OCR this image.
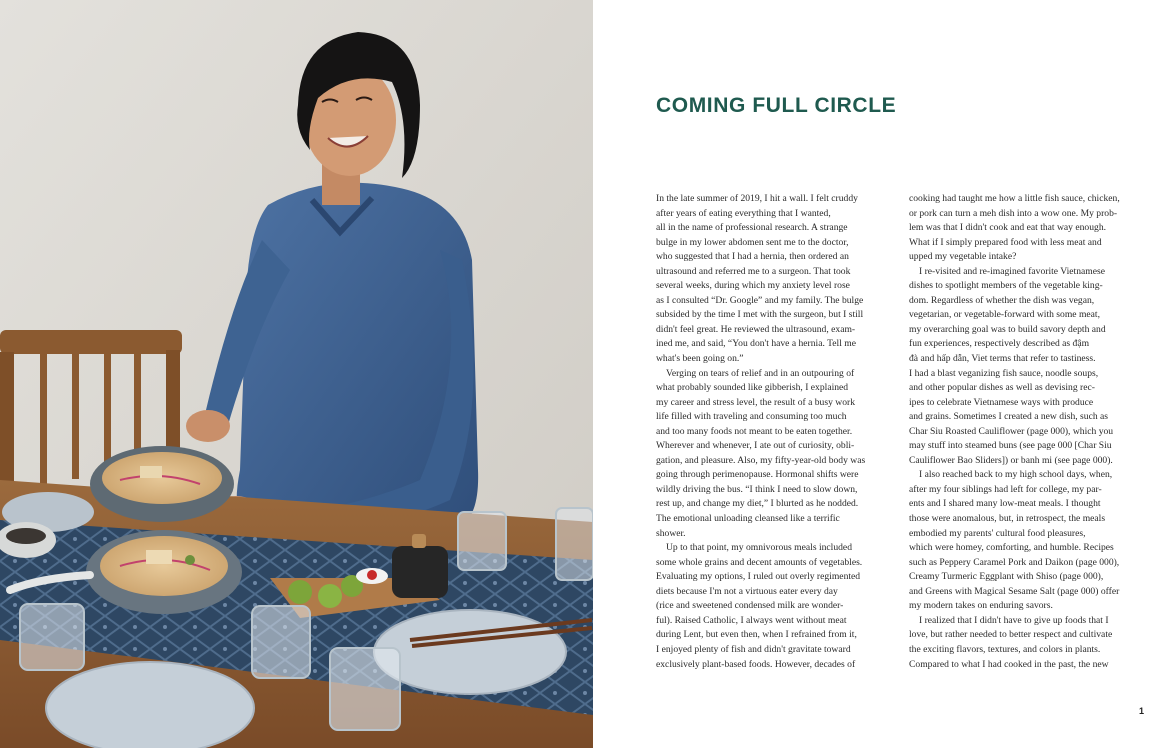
COMING FULL CIRCLE
In the late summer of 2019, I hit a wall. I felt cruddy
after years of eating everything that I wanted,
all in the name of professional research. A strange
bulge in my lower abdomen sent me to the doctor,
who suggested that I had a hernia, then ordered an
ultrasound and referred me to a surgeon. That took
several weeks, during which my anxiety level rose
as I consulted “Dr. Google” and my family. The bulge
subsided by the time I met with the surgeon, but I still
didn't feel great. He reviewed the ultrasound, exam-
ined me, and said, “You don't have a hernia. Tell me
what's been going on.”
Verging on tears of relief and in an outpouring of
what probably sounded like gibberish, I explained
my career and stress level, the result of a busy work
life filled with traveling and consuming too much
and too many foods not meant to be eaten together.
Wherever and whenever, I ate out of curiosity, obli-
gation, and pleasure. Also, my fifty-year-old body was
going through perimenopause. Hormonal shifts were
wildly driving the bus. “I think I need to slow down,
rest up, and change my diet,” I blurted as he nodded.
The emotional unloading cleansed like a terrific
shower.
Up to that point, my omnivorous meals included
some whole grains and decent amounts of vegetables.
Evaluating my options, I ruled out overly regimented
diets because I'm not a virtuous eater every day
(rice and sweetened condensed milk are wonder-
ful). Raised Catholic, I always went without meat
during Lent, but even then, when I refrained from it,
I enjoyed plenty of fish and didn't gravitate toward
exclusively plant-based foods. However, decades of
cooking had taught me how a little fish sauce, chicken,
or pork can turn a meh dish into a wow one. My prob-
lem was that I didn't cook and eat that way enough.
What if I simply prepared food with less meat and
upped my vegetable intake?
I re-visited and re-imagined favorite Vietnamese
dishes to spotlight members of the vegetable king-
dom. Regardless of whether the dish was vegan,
vegetarian, or vegetable-forward with some meat,
my overarching goal was to build savory depth and
fun experiences, respectively described as đậm
đà and hấp dẫn, Viet terms that refer to tastiness.
I had a blast veganizing fish sauce, noodle soups,
and other popular dishes as well as devising rec-
ipes to celebrate Vietnamese ways with produce
and grains. Sometimes I created a new dish, such as
Char Siu Roasted Cauliflower (page 000), which you
may stuff into steamed buns (see page 000 [Char Siu
Cauliflower Bao Sliders]) or banh mi (see page 000).
I also reached back to my high school days, when,
after my four siblings had left for college, my par-
ents and I shared many low-meat meals. I thought
those were anomalous, but, in retrospect, the meals
embodied my parents' cultural food pleasures,
which were homey, comforting, and humble. Recipes
such as Peppery Caramel Pork and Daikon (page 000),
Creamy Turmeric Eggplant with Shiso (page 000),
and Greens with Magical Sesame Salt (page 000) offer
my modern takes on enduring savors.
I realized that I didn't have to give up foods that I
love, but rather needed to better respect and cultivate
the exciting flavors, textures, and colors in plants.
Compared to what I had cooked in the past, the new
1
